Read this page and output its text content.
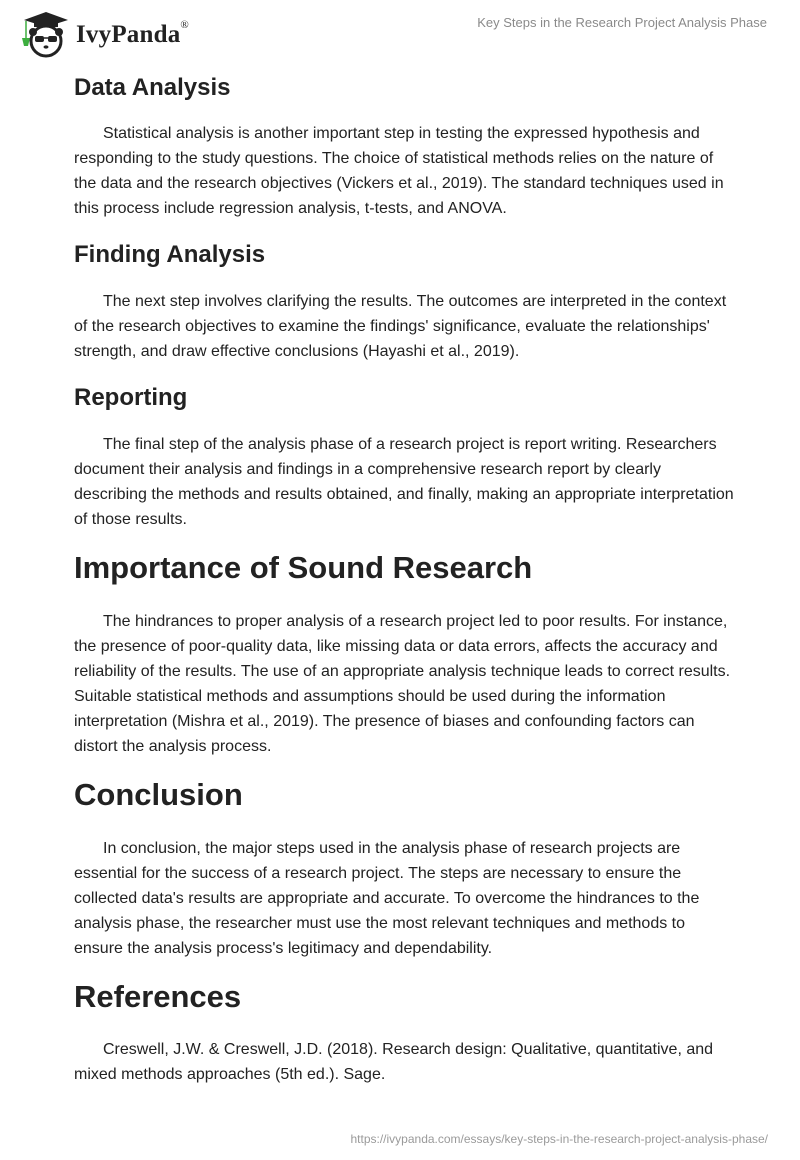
IvyPanda®	Key Steps in the Research Project Analysis Phase
Data Analysis

Statistical analysis is another important step in testing the expressed hypothesis and responding to the study questions. The choice of statistical methods relies on the nature of the data and the research objectives (Vickers et al., 2019). The standard techniques used in this process include regression analysis, t-tests, and ANOVA.

Finding Analysis

The next step involves clarifying the results. The outcomes are interpreted in the context of the research objectives to examine the findings' significance, evaluate the relationships' strength, and draw effective conclusions (Hayashi et al., 2019).

Reporting

The final step of the analysis phase of a research project is report writing. Researchers document their analysis and findings in a comprehensive research report by clearly describing the methods and results obtained, and finally, making an appropriate interpretation of those results.

Importance of Sound Research

The hindrances to proper analysis of a research project led to poor results. For instance, the presence of poor-quality data, like missing data or data errors, affects the accuracy and reliability of the results. The use of an appropriate analysis technique leads to correct results. Suitable statistical methods and assumptions should be used during the information interpretation (Mishra et al., 2019). The presence of biases and confounding factors can distort the analysis process.

Conclusion

In conclusion, the major steps used in the analysis phase of research projects are essential for the success of a research project. The steps are necessary to ensure the collected data's results are appropriate and accurate. To overcome the hindrances to the analysis phase, the researcher must use the most relevant techniques and methods to ensure the analysis process's legitimacy and dependability.

References

Creswell, J.W. & Creswell, J.D. (2018). Research design: Qualitative, quantitative, and mixed methods approaches (5th ed.). Sage.

https://ivypanda.com/essays/key-steps-in-the-research-project-analysis-phase/
